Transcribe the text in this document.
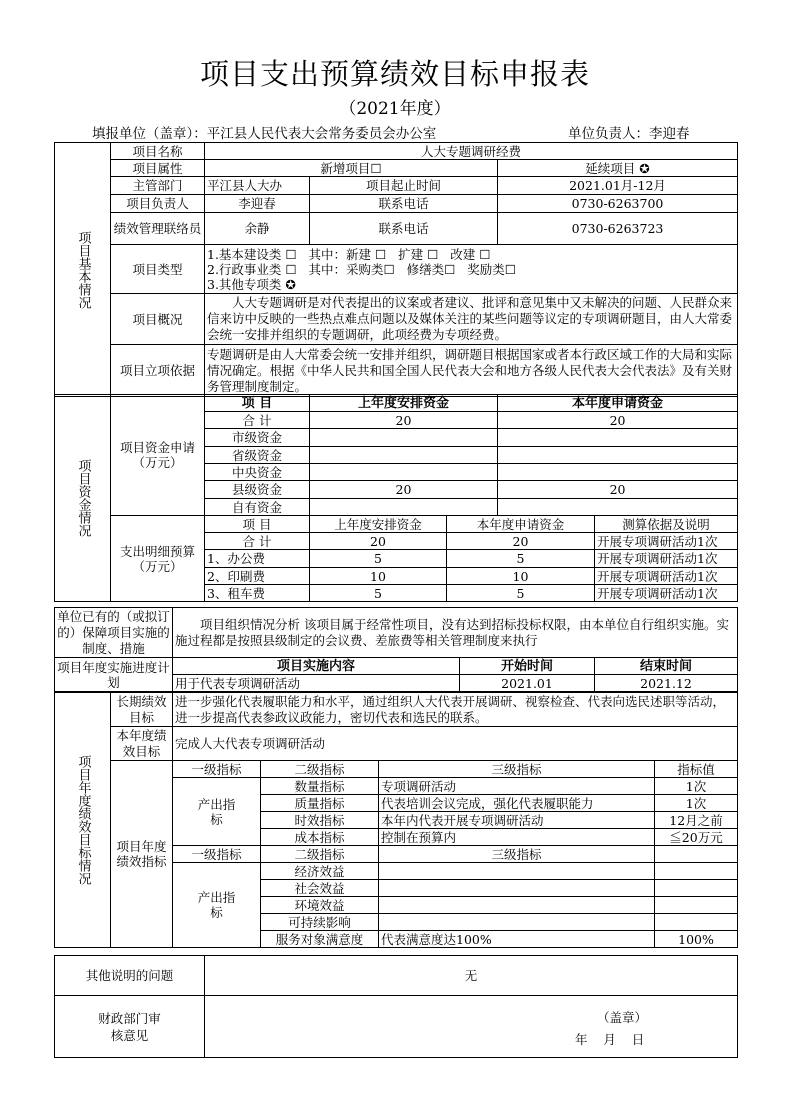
项目支出预算绩效目标申报表
（2021年度）
填报单位（盖章）：平江县人民代表大会常务委员会办公室	单位负责人：李迎春
项目基本情况	项目名称	人大专题调研经费		
	项目属性	新增项目☐		延续项目 ✪
	主管部门	平江县人大办	项目起止时间	2021.01月-12月
	项目负责人	李迎春	联系电话	0730-6263700
	绩效管理联络员	余静	联系电话	0730-6263723
	项目类型	1.基本建设类 ☐   其中：新建 ☐   扩建 ☐   改建 ☐
2.行政事业类 ☐   其中：采购类☐   修缮类☐   奖励类☐
3.其他专项类 ✪		

	项目概况	人大专题调研是对代表提出的议案或者建议、批评和意见集中又未解决的问题、人民群众来信来访中反映的一些热点难点问题以及媒体关注的某些问题等议定的专项调研题目，由人大常委会统一安排并组织的专题调研，此项经费为专项经费。		
	项目立项依据	专题调研是由人大常委会统一安排并组织，调研题目根据国家或者本行政区域工作的大局和实际情况确定。根据《中华人民共和国全国人民代表大会和地方各级人民代表大会代表法》及有关财务管理制度制定。		
项目资金情况	项目资金申请（万元）	项 目	上年度安排资金		本年度申请资金	
		合 计	20		20	
		市级资金				
		省级资金				
		中央资金				
		县级资金	20		20	
		自有资金				
	支出明细预算（万元）	项 目	上年度安排资金	本年度申请资金		测算依据及说明
		合 计	20	20		开展专项调研活动1次
		1、办公费	5	5		开展专项调研活动1次
		2、印刷费	10	10		开展专项调研活动1次
		3、租车费	5	5		开展专项调研活动1次
单位已有的（或拟订的）保障项目实施的制度、措施	项目组织情况分析 该项目属于经常性项目，没有达到招标投标权限，由本单位自行组织实施。实施过程都是按照县级制定的会议费、差旅费等相关管理制度来执行		
项目年度实施进度计划	项目实施内容	开始时间	结束时间
	用于代表专项调研活动	2021.01	2021.12
项目年度绩效目标情况	长期绩效目标	进一步强化代表履职能力和水平，通过组织人大代表开展调研、视察检查、代表向选民述职等活动，进一步提高代表参政议政能力，密切代表和选民的联系。			
	本年度绩效目标	完成人大代表专项调研活动			
	项目年度绩效指标	一级指标	二级指标	三级指标	指标值
		产出指标	数量指标	专项调研活动	1次
			质量指标	代表培训会议完成，强化代表履职能力	1次
			时效指标	本年内代表开展专项调研活动	12月之前
			成本指标	控制在预算内	≦20万元
		一级指标	二级指标	三级指标	
		产出指标	经济效益		
			社会效益		
			环境效益		
			可持续影响		
			服务对象满意度	代表满意度达100%	100%
其他说明的问题	无
财政部门审核意见	（盖章）
年    月    日
